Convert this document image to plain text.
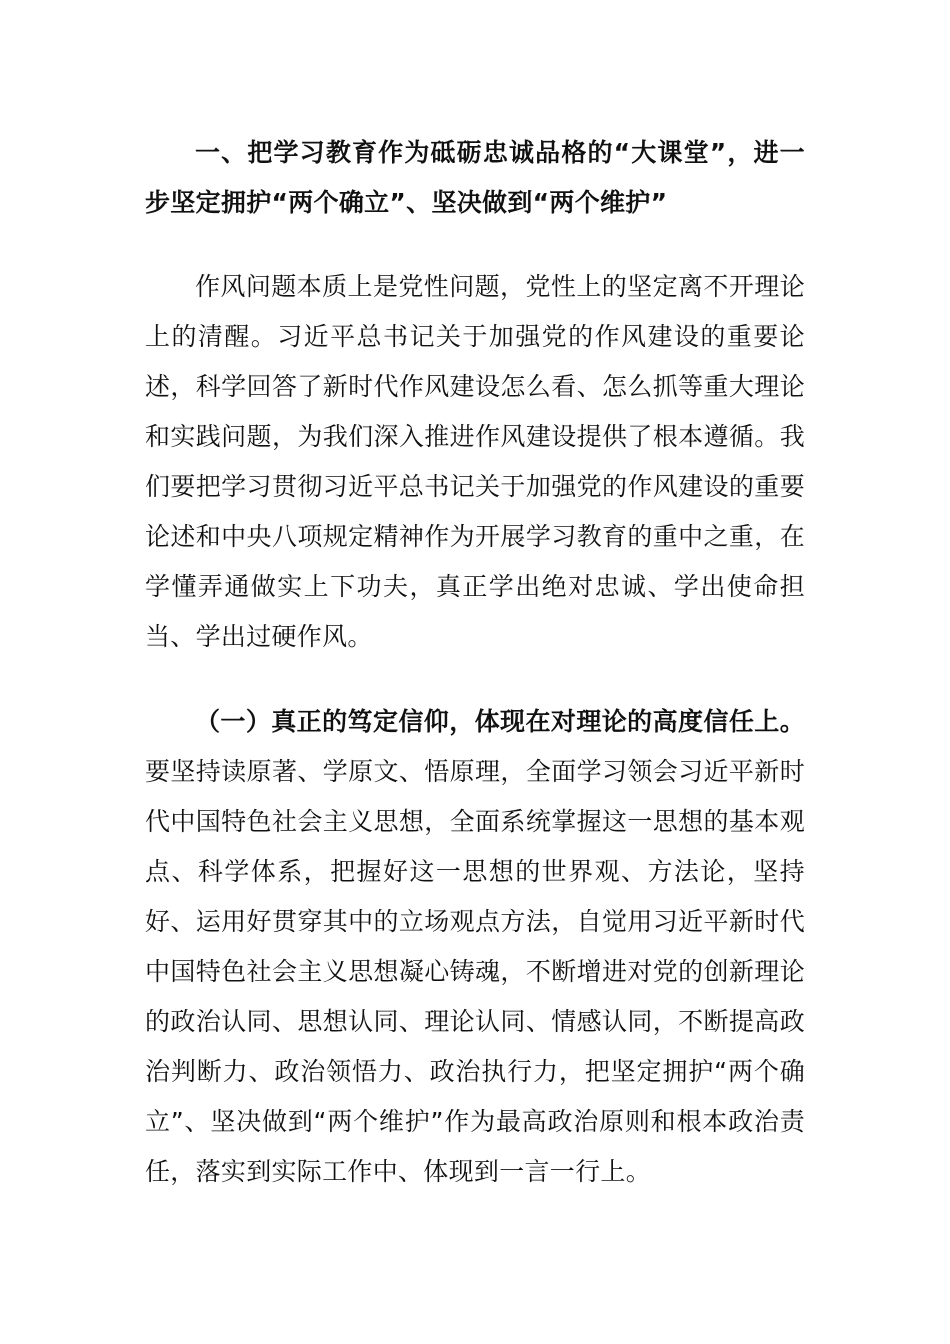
一、把学习教育作为砥砺忠诚品格的“大课堂”，进一步坚定拥护“两个确立”、坚决做到“两个维护”
作风问题本质上是党性问题，党性上的坚定离不开理论上的清醒。习近平总书记关于加强党的作风建设的重要论述，科学回答了新时代作风建设怎么看、怎么抓等重大理论和实践问题，为我们深入推进作风建设提供了根本遵循。我们要把学习贯彻习近平总书记关于加强党的作风建设的重要论述和中央八项规定精神作为开展学习教育的重中之重，在学懂弄通做实上下功夫，真正学出绝对忠诚、学出使命担当、学出过硬作风。
（一）真正的笃定信仰，体现在对理论的高度信任上。要坚持读原著、学原文、悟原理，全面学习领会习近平新时代中国特色社会主义思想，全面系统掌握这一思想的基本观点、科学体系，把握好这一思想的世界观、方法论，坚持好、运用好贯穿其中的立场观点方法，自觉用习近平新时代中国特色社会主义思想凝心铸魂，不断增进对党的创新理论的政治认同、思想认同、理论认同、情感认同，不断提高政治判断力、政治领悟力、政治执行力，把坚定拥护“两个确立”、坚决做到“两个维护”作为最高政治原则和根本政治责任，落实到实际工作中、体现到一言一行上。
